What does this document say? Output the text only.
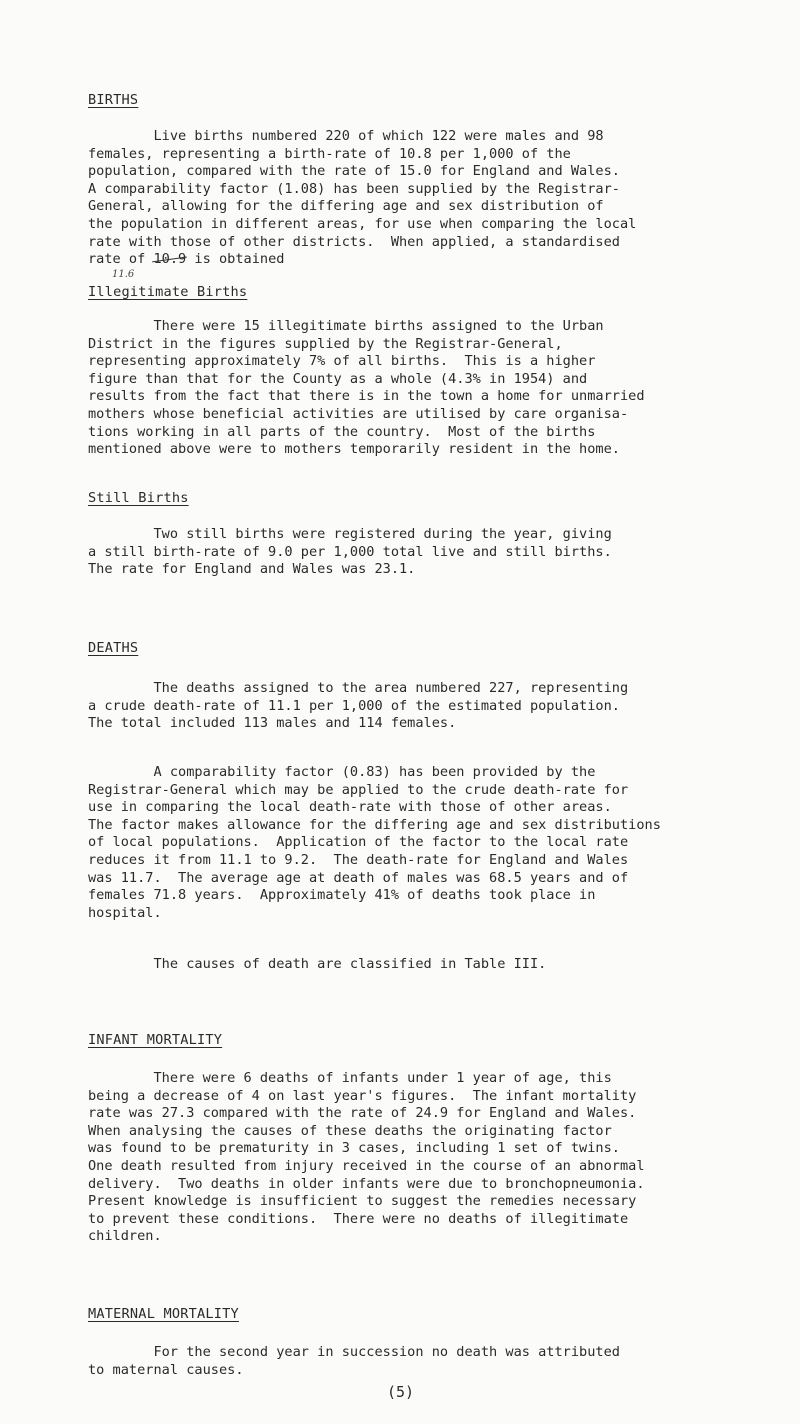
BIRTHS
Live births numbered 220 of which 122 were males and 98
females, representing a birth-rate of 10.8 per 1,000 of the
population, compared with the rate of 15.0 for England and Wales.
A comparability factor (1.08) has been supplied by the Registrar-
General, allowing for the differing age and sex distribution of
the population in different areas, for use when comparing the local
rate with those of other districts.  When applied, a standardised
rate of 10.9 is obtained
11.6
Illegitimate Births
There were 15 illegitimate births assigned to the Urban
District in the figures supplied by the Registrar-General,
representing approximately 7% of all births.  This is a higher
figure than that for the County as a whole (4.3% in 1954) and
results from the fact that there is in the town a home for unmarried
mothers whose beneficial activities are utilised by care organisa-
tions working in all parts of the country.  Most of the births
mentioned above were to mothers temporarily resident in the home.
Still Births
Two still births were registered during the year, giving
a still birth-rate of 9.0 per 1,000 total live and still births.
The rate for England and Wales was 23.1.
DEATHS
The deaths assigned to the area numbered 227, representing
a crude death-rate of 11.1 per 1,000 of the estimated population.
The total included 113 males and 114 females.
A comparability factor (0.83) has been provided by the
Registrar-General which may be applied to the crude death-rate for
use in comparing the local death-rate with those of other areas.
The factor makes allowance for the differing age and sex distributions
of local populations.  Application of the factor to the local rate
reduces it from 11.1 to 9.2.  The death-rate for England and Wales
was 11.7.  The average age at death of males was 68.5 years and of
females 71.8 years.  Approximately 41% of deaths took place in
hospital.
The causes of death are classified in Table III.
INFANT MORTALITY
There were 6 deaths of infants under 1 year of age, this
being a decrease of 4 on last year's figures.  The infant mortality
rate was 27.3 compared with the rate of 24.9 for England and Wales.
When analysing the causes of these deaths the originating factor
was found to be prematurity in 3 cases, including 1 set of twins.
One death resulted from injury received in the course of an abnormal
delivery.  Two deaths in older infants were due to bronchopneumonia.
Present knowledge is insufficient to suggest the remedies necessary
to prevent these conditions.  There were no deaths of illegitimate
children.
MATERNAL MORTALITY
For the second year in succession no death was attributed
to maternal causes.
(5)
